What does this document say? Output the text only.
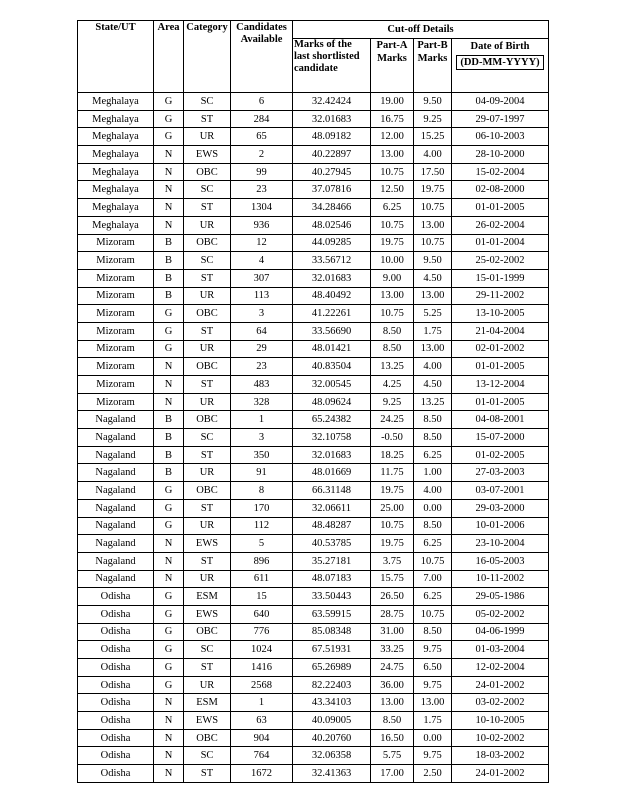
State/UT	Area	Category	Candidates Available	Cut-off Details			
				Marks of the last shortlisted candidate	Part-A Marks	Part-B Marks	Date of Birth
(DD-MM-YYYY)
Meghalaya	G	SC	6	32.42424	19.00	9.50	04-09-2004
Meghalaya	G	ST	284	32.01683	16.75	9.25	29-07-1997
Meghalaya	G	UR	65	48.09182	12.00	15.25	06-10-2003
Meghalaya	N	EWS	2	40.22897	13.00	4.00	28-10-2000
Meghalaya	N	OBC	99	40.27945	10.75	17.50	15-02-2004
Meghalaya	N	SC	23	37.07816	12.50	19.75	02-08-2000
Meghalaya	N	ST	1304	34.28466	6.25	10.75	01-01-2005
Meghalaya	N	UR	936	48.02546	10.75	13.00	26-02-2004
Mizoram	B	OBC	12	44.09285	19.75	10.75	01-01-2004
Mizoram	B	SC	4	33.56712	10.00	9.50	25-02-2002
Mizoram	B	ST	307	32.01683	9.00	4.50	15-01-1999
Mizoram	B	UR	113	48.40492	13.00	13.00	29-11-2002
Mizoram	G	OBC	3	41.22261	10.75	5.25	13-10-2005
Mizoram	G	ST	64	33.56690	8.50	1.75	21-04-2004
Mizoram	G	UR	29	48.01421	8.50	13.00	02-01-2002
Mizoram	N	OBC	23	40.83504	13.25	4.00	01-01-2005
Mizoram	N	ST	483	32.00545	4.25	4.50	13-12-2004
Mizoram	N	UR	328	48.09624	9.25	13.25	01-01-2005
Nagaland	B	OBC	1	65.24382	24.25	8.50	04-08-2001
Nagaland	B	SC	3	32.10758	-0.50	8.50	15-07-2000
Nagaland	B	ST	350	32.01683	18.25	6.25	01-02-2005
Nagaland	B	UR	91	48.01669	11.75	1.00	27-03-2003
Nagaland	G	OBC	8	66.31148	19.75	4.00	03-07-2001
Nagaland	G	ST	170	32.06611	25.00	0.00	29-03-2000
Nagaland	G	UR	112	48.48287	10.75	8.50	10-01-2006
Nagaland	N	EWS	5	40.53785	19.75	6.25	23-10-2004
Nagaland	N	ST	896	35.27181	3.75	10.75	16-05-2003
Nagaland	N	UR	611	48.07183	15.75	7.00	10-11-2002
Odisha	G	ESM	15	33.50443	26.50	6.25	29-05-1986
Odisha	G	EWS	640	63.59915	28.75	10.75	05-02-2002
Odisha	G	OBC	776	85.08348	31.00	8.50	04-06-1999
Odisha	G	SC	1024	67.51931	33.25	9.75	01-03-2004
Odisha	G	ST	1416	65.26989	24.75	6.50	12-02-2004
Odisha	G	UR	2568	82.22403	36.00	9.75	24-01-2002
Odisha	N	ESM	1	43.34103	13.00	13.00	03-02-2002
Odisha	N	EWS	63	40.09005	8.50	1.75	10-10-2005
Odisha	N	OBC	904	40.20760	16.50	0.00	10-02-2002
Odisha	N	SC	764	32.06358	5.75	9.75	18-03-2002
Odisha	N	ST	1672	32.41363	17.00	2.50	24-01-2002
